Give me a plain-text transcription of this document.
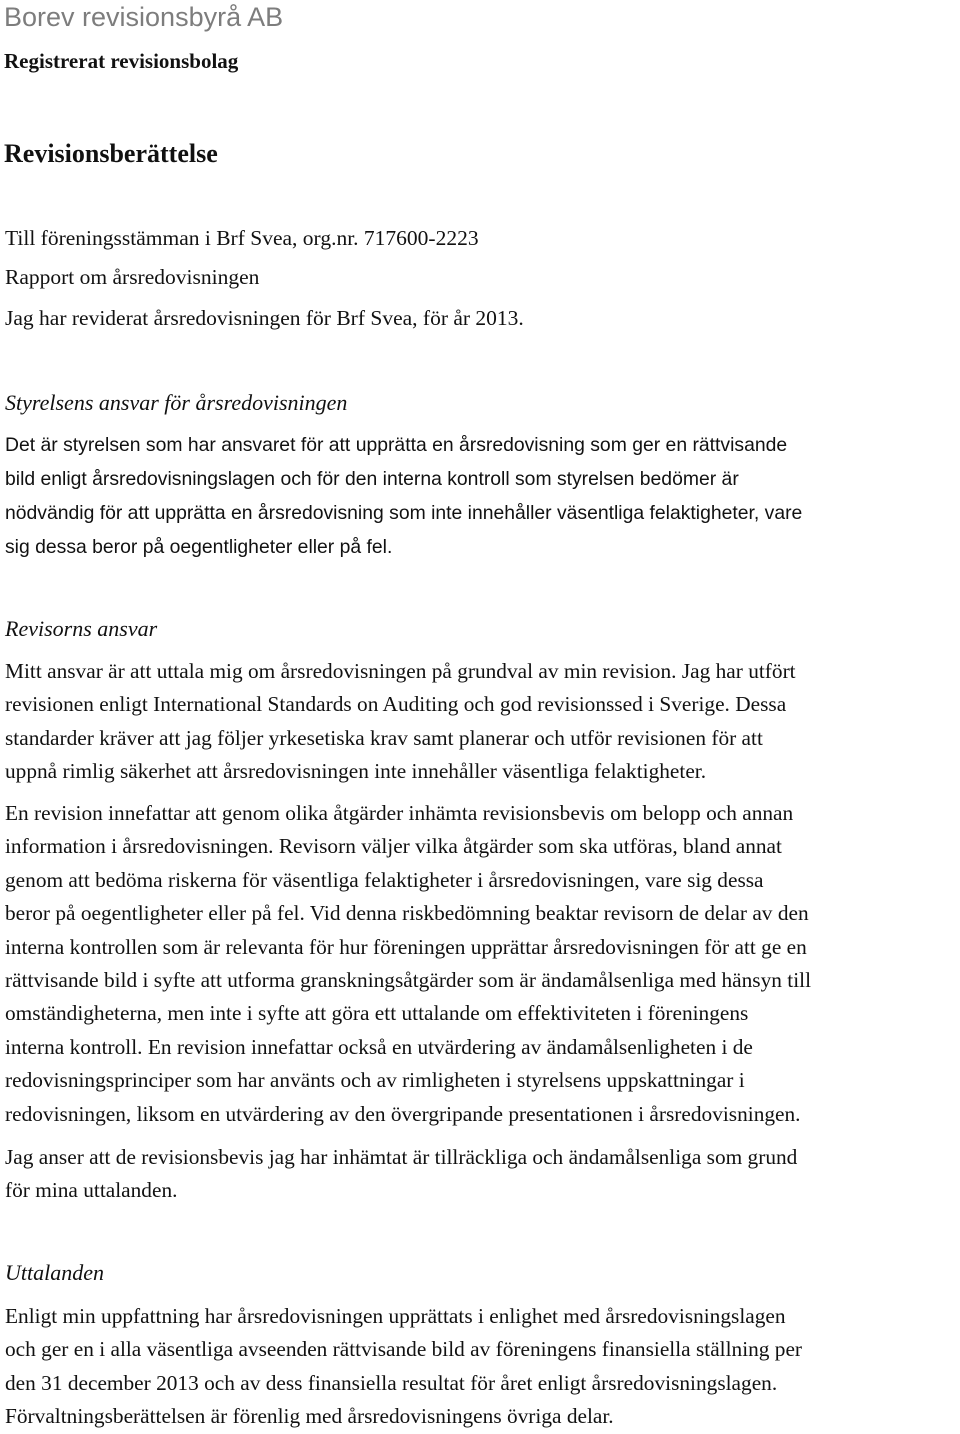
Borev revisionsbyrå AB
Registrerat revisionsbolag
Revisionsberättelse
Till föreningsstämman i Brf Svea, org.nr. 717600-2223
Rapport om årsredovisningen
Jag har reviderat årsredovisningen för Brf Svea, för år 2013.
Styrelsens ansvar för årsredovisningen
Det är styrelsen som har ansvaret för att upprätta en årsredovisning som ger en rättvisande bild enligt årsredovisningslagen och för den interna kontroll som styrelsen bedömer är nödvändig för att upprätta en årsredovisning som inte innehåller väsentliga felaktigheter, vare sig dessa beror på oegentligheter eller på fel.
Revisorns ansvar
Mitt ansvar är att uttala mig om årsredovisningen på grundval av min revision. Jag har utfört revisionen enligt International Standards on Auditing och god revisionssed i Sverige. Dessa standarder kräver att jag följer yrkesetiska krav samt planerar och utför revisionen för att uppnå rimlig säkerhet att årsredovisningen inte innehåller väsentliga felaktigheter.
En revision innefattar att genom olika åtgärder inhämta revisionsbevis om belopp och annan information i årsredovisningen. Revisorn väljer vilka åtgärder som ska utföras, bland annat genom att bedöma riskerna för väsentliga felaktigheter i årsredovisningen, vare sig dessa beror på oegentligheter eller på fel. Vid denna riskbedömning beaktar revisorn de delar av den interna kontrollen som är relevanta för hur föreningen upprättar årsredovisningen för att ge en rättvisande bild i syfte att utforma granskningsåtgärder som är ändamålsenliga med hänsyn till omständigheterna, men inte i syfte att göra ett uttalande om effektiviteten i föreningens interna kontroll. En revision innefattar också en utvärdering av ändamålsenligheten i de redovisningsprinciper som har använts och av rimligheten i styrelsens uppskattningar i redovisningen, liksom en utvärdering av den övergripande presentationen i årsredovisningen.
Jag anser att de revisionsbevis jag har inhämtat är tillräckliga och ändamålsenliga som grund för mina uttalanden.
Uttalanden
Enligt min uppfattning har årsredovisningen upprättats i enlighet med årsredovisningslagen och ger en i alla väsentliga avseenden rättvisande bild av föreningens finansiella ställning per den 31 december 2013 och av dess finansiella resultat för året enligt årsredovisningslagen. Förvaltningsberättelsen är förenlig med årsredovisningens övriga delar.
